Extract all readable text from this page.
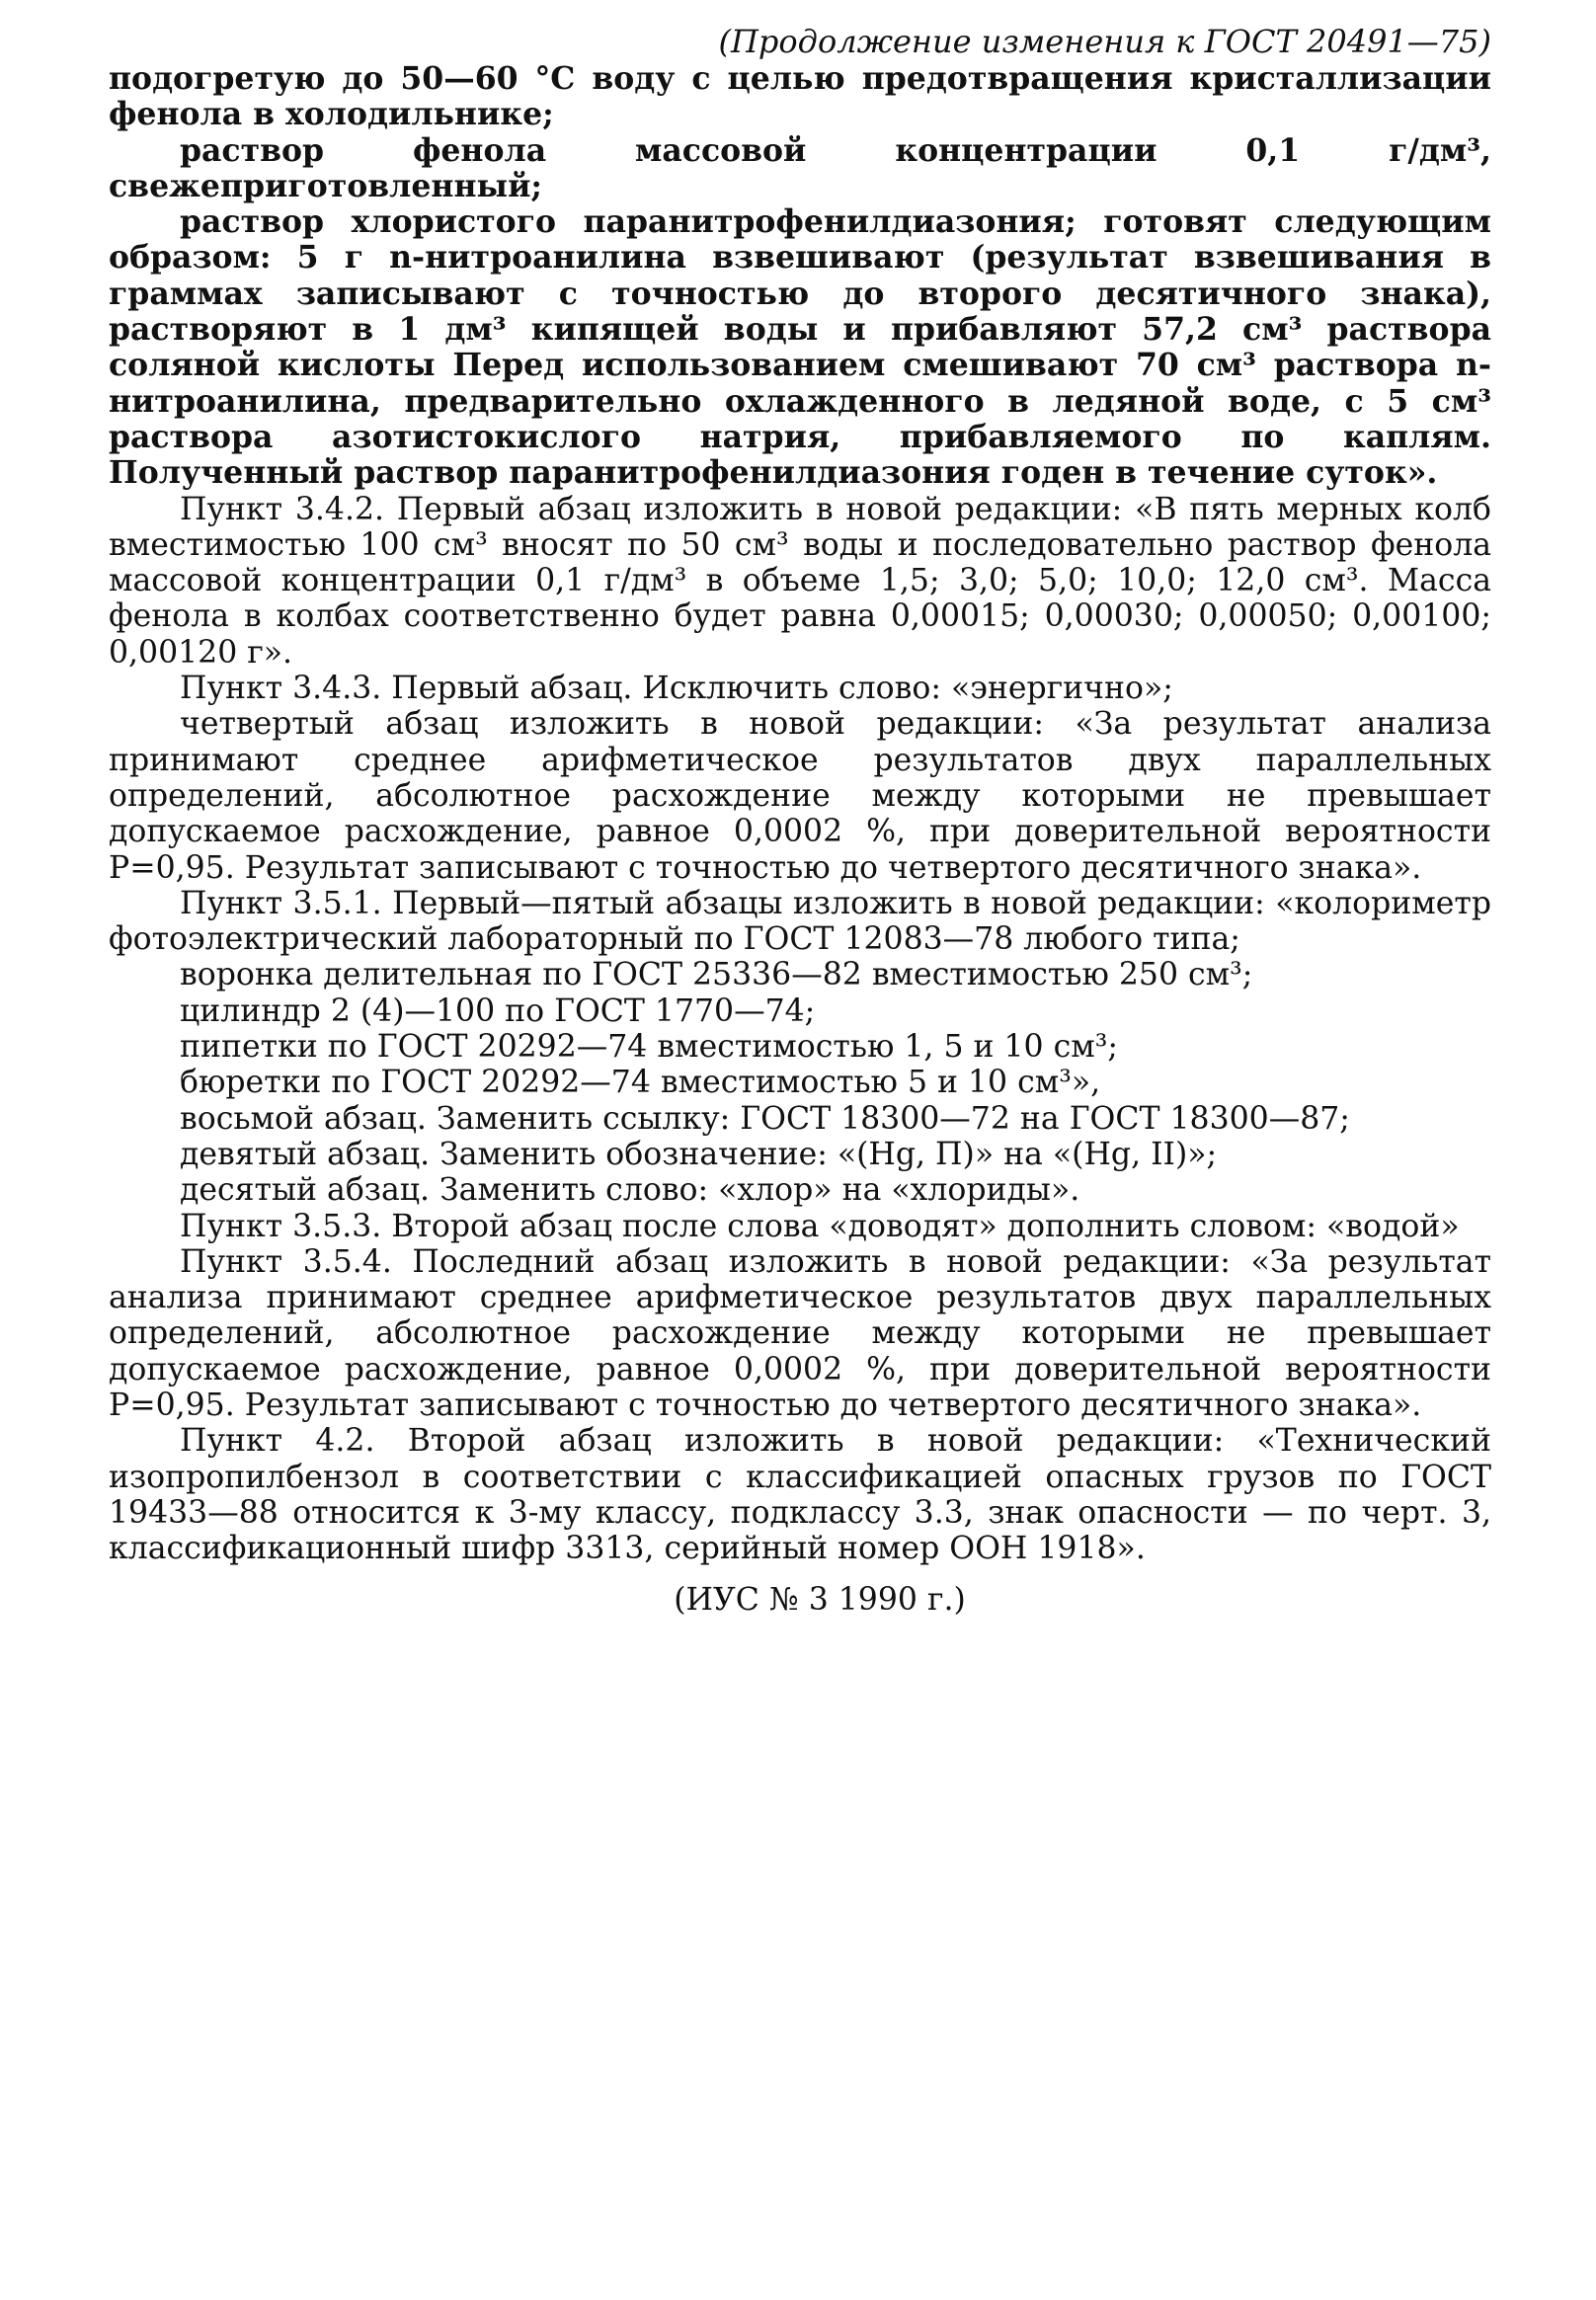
(Продолжение изменения к ГОСТ 20491—75)

подогретую до 50—60 °С воду с целью предотвращения кристаллизации фенола в холодильнике;

раствор фенола массовой концентрации 0,1 г/дм³, свежеприготовленный;

раствор хлористого паранитрофенилдиазония; готовят следующим образом: 5 г n-нитроанилина взвешивают (результат взвешивания в граммах записывают с точностью до второго десятичного знака), растворяют в 1 дм³ кипящей воды и прибавляют 57,2 см³ раствора соляной кислоты Перед использованием смешивают 70 см³ раствора n-нитроанилина, предварительно охлажденного в ледяной воде, с 5 см³ раствора азотистокислого натрия, прибавляемого по каплям. Полученный раствор паранитрофенилдиазония годен в течение суток».

Пункт 3.4.2. Первый абзац изложить в новой редакции: «В пять мерных колб вместимостью 100 см³ вносят по 50 см³ воды и последовательно раствор фенола массовой концентрации 0,1 г/дм³ в объеме 1,5; 3,0; 5,0; 10,0; 12,0 см³. Масса фенола в колбах соответственно будет равна 0,00015; 0,00030; 0,00050; 0,00100; 0,00120 г».

Пункт 3.4.3. Первый абзац. Исключить слово: «энергично»;

четвертый абзац изложить в новой редакции: «За результат анализа принимают среднее арифметическое результатов двух параллельных определений, абсолютное расхождение между которыми не превышает допускаемое расхождение, равное 0,0002 %, при доверительной вероятности P=0,95. Результат записывают с точностью до четвертого десятичного знака».

Пункт 3.5.1. Первый—пятый абзацы изложить в новой редакции: «колориметр фотоэлектрический лабораторный по ГОСТ 12083—78 любого типа;

воронка делительная по ГОСТ 25336—82 вместимостью 250 см³;

цилиндр 2 (4)—100 по ГОСТ 1770—74;

пипетки по ГОСТ 20292—74 вместимостью 1, 5 и 10 см³;

бюретки по ГОСТ 20292—74 вместимостью 5 и 10 см³»,

восьмой абзац. Заменить ссылку: ГОСТ 18300—72 на ГОСТ 18300—87;

девятый абзац. Заменить обозначение: «(Hg, П)» на «(Hg, II)»;

десятый абзац. Заменить слово: «хлор» на «хлориды».

Пункт 3.5.3. Второй абзац после слова «доводят» дополнить словом: «водой»

Пункт 3.5.4. Последний абзац изложить в новой редакции: «За результат анализа принимают среднее арифметическое результатов двух параллельных определений, абсолютное расхождение между которыми не превышает допускаемое расхождение, равное 0,0002 %, при доверительной вероятности P=0,95. Результат записывают с точностью до четвертого десятичного знака».

Пункт 4.2. Второй абзац изложить в новой редакции: «Технический изопропилбензол в соответствии с классификацией опасных грузов по ГОСТ 19433—88 относится к 3-му классу, подклассу 3.3, знак опасности — по черт. 3, классификационный шифр 3313, серийный номер ООН 1918».

(ИУС № 3 1990 г.)
